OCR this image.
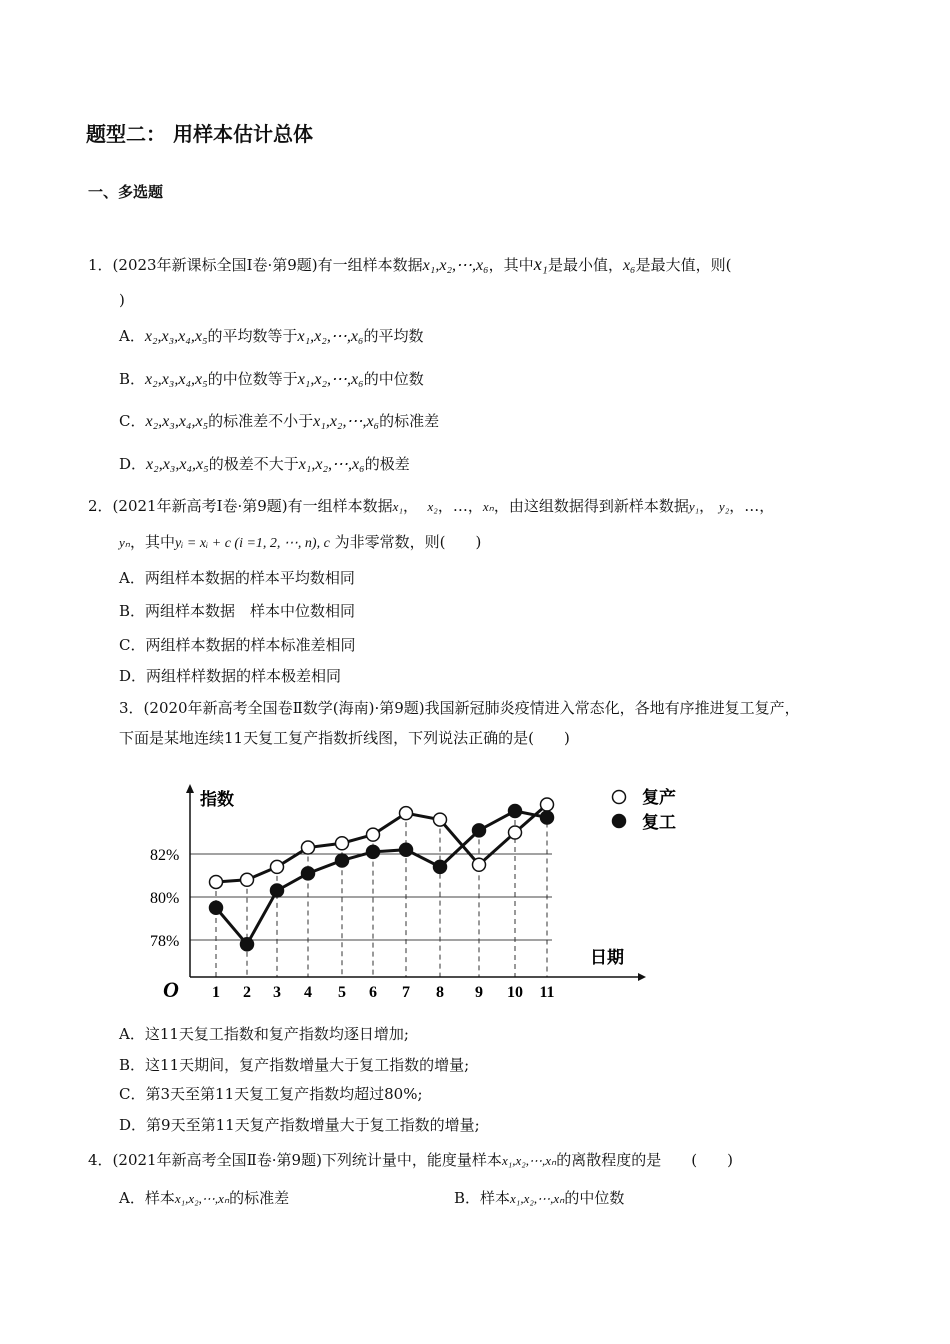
题型二： 用样本估计总体
一、多选题
1．(2023年新课标全国Ⅰ卷·第9题)有一组样本数据x₁,x₂,⋯,x₆，其中x₁是最小值，x₆是最大值，则(
)
A．x₂,x₃,x₄,x₅的平均数等于x₁,x₂,⋯,x₆的平均数
B．x₂,x₃,x₄,x₅的中位数等于x₁,x₂,⋯,x₆的中位数
C．x₂,x₃,x₄,x₅的标准差不小于x₁,x₂,⋯,x₆的标准差
D．x₂,x₃,x₄,x₅的极差不大于x₁,x₂,⋯,x₆的极差
2．(2021年新高考Ⅰ卷·第9题)有一组样本数据x₁， x₂，…，xₙ，由这组数据得到新样本数据y₁， y₂，…，
yₙ，其中yᵢ = xᵢ + c (i =1, 2, ⋯, n), c 为非零常数，则(　　)
A．两组样本数据的样本平均数相同
B．两组样本数据　样本中位数相同
C．两组样本数据的样本标准差相同
D．两组样样数据的样本极差相同
3．(2020年新高考全国卷Ⅱ数学(海南)·第9题)我国新冠肺炎疫情进入常态化，各地有序推进复工复产，
下面是某地连续11天复工复产指数折线图，下列说法正确的是(　　)
指数
日期
O
78%
80%
82%
1 2 3 4 5 6 7 8 9 10 11
复产
复工
A．这11天复工指数和复产指数均逐日增加;
B．这11天期间，复产指数增量大于复工指数的增量;
C．第3天至第11天复工复产指数均超过80%;
D．第9天至第11天复产指数增量大于复工指数的增量;
4．(2021年新高考全国Ⅱ卷·第9题)下列统计量中，能度量样本x₁,x₂,⋯,xₙ的离散程度的是　　(　　)
A．样本x₁,x₂,⋯,xₙ的标准差	B．样本x₁,x₂,⋯,xₙ的中位数
